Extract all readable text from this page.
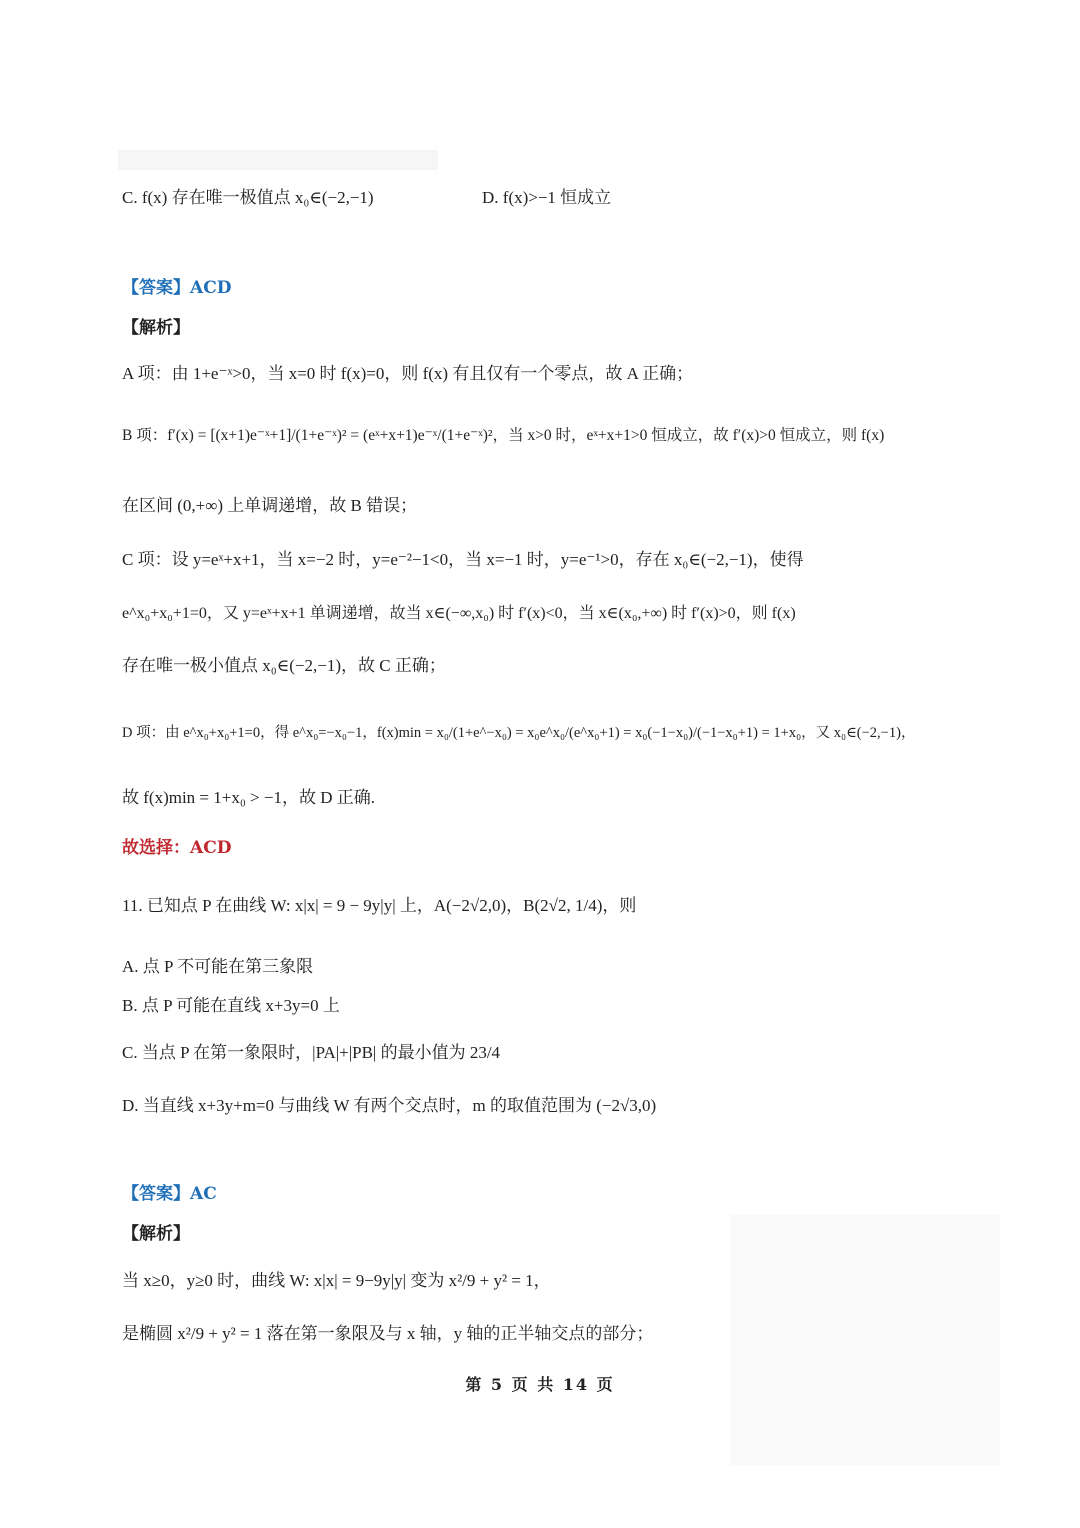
C. f(x) 存在唯一极值点 x₀∈(−2,−1)	D. f(x)>−1 恒成立
【答案】ACD
【解析】
A 项：由 1+e⁻ˣ>0，当 x=0 时 f(x)=0，则 f(x) 有且仅有一个零点，故 A 正确；
B 项：f′(x) = [(x+1)e⁻ˣ+1]/(1+e⁻ˣ)² = (eˣ+x+1)e⁻ˣ/(1+e⁻ˣ)²，当 x>0 时，eˣ+x+1>0 恒成立，故 f′(x)>0 恒成立，则 f(x)
在区间 (0,+∞) 上单调递增，故 B 错误；
C 项：设 y=eˣ+x+1，当 x=−2 时，y=e⁻²−1<0，当 x=−1 时，y=e⁻¹>0，存在 x₀∈(−2,−1)，使得
e^x₀+x₀+1=0，又 y=eˣ+x+1 单调递增，故当 x∈(−∞,x₀) 时 f′(x)<0，当 x∈(x₀,+∞) 时 f′(x)>0，则 f(x)
存在唯一极小值点 x₀∈(−2,−1)，故 C 正确；
D 项：由 e^x₀+x₀+1=0，得 e^x₀=−x₀−1，f(x)min = x₀/(1+e^−x₀) = x₀e^x₀/(e^x₀+1) = x₀(−1−x₀)/(−1−x₀+1) = 1+x₀，又 x₀∈(−2,−1)，
故 f(x)min = 1+x₀ > −1，故 D 正确.
故选择：ACD
11. 已知点 P 在曲线 W: x|x| = 9 − 9y|y| 上，A(−2√2,0)，B(2√2, 1/4)，则
A. 点 P 不可能在第三象限
B. 点 P 可能在直线 x+3y=0 上
C. 当点 P 在第一象限时，|PA|+|PB| 的最小值为 23/4
D. 当直线 x+3y+m=0 与曲线 W 有两个交点时，m 的取值范围为 (−2√3,0)
【答案】AC
【解析】
当 x≥0，y≥0 时，曲线 W: x|x| = 9−9y|y| 变为 x²/9 + y² = 1，
是椭圆 x²/9 + y² = 1 落在第一象限及与 x 轴，y 轴的正半轴交点的部分；
第 5 页 共 14 页
